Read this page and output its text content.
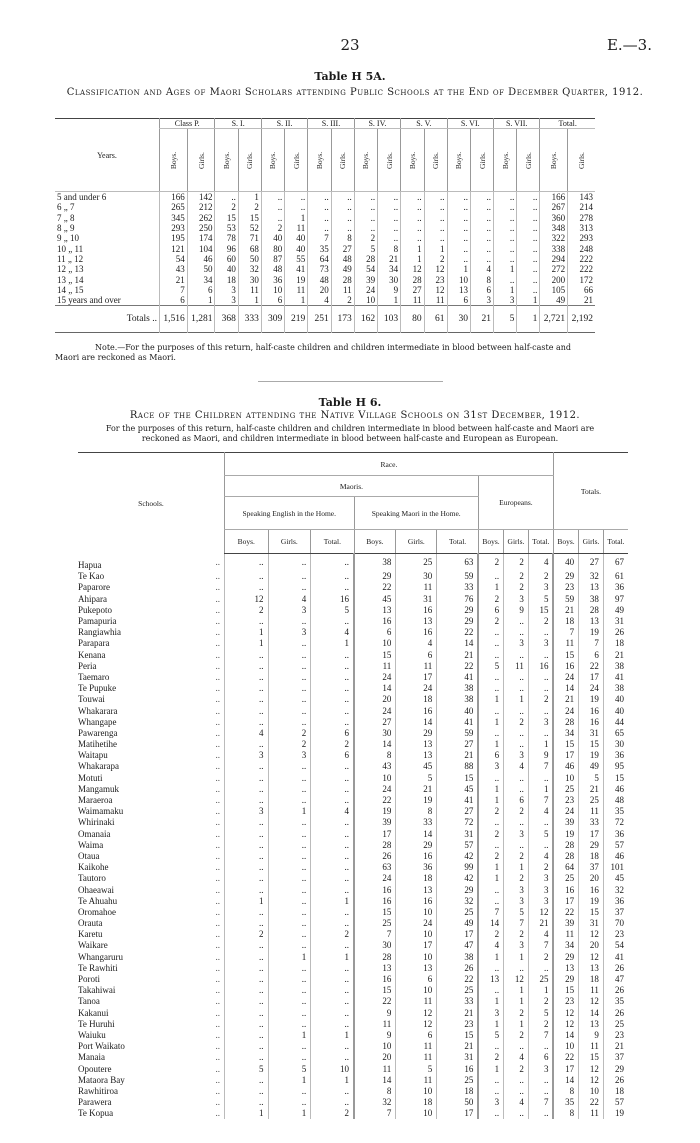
23	E.—3.
Table H 5A.
Classification and Ages of Maori Scholars attending Public Schools at the End of December Quarter, 1912.
Years.	Class P.		S. I.		S. II.		S. III.		S. IV.		S. V.		S. VI.		S. VII.		Total.	
	Boys.	Girls.	Boys.	Girls.	Boys.	Girls.	Boys.	Girls.	Boys.	Girls.	Boys.	Girls.	Boys.	Girls.	Boys.	Girls.	Boys.	Girls.
5 and under 6	166	142	..	1	..	..	..	..	..	..	..	..	..	..	..	..	166	143
6 „ 7	265	212	2	2	..	..	..	..	..	..	..	..	..	..	..	..	267	214
7 „ 8	345	262	15	15	..	1	..	..	..	..	..	..	..	..	..	..	360	278
8 „ 9	293	250	53	52	2	11	..	..	..	..	..	..	..	..	..	..	348	313
9 „ 10	195	174	78	71	40	40	7	8	2	..	..	..	..	..	..	..	322	293
10 „ 11	121	104	96	68	80	40	35	27	5	8	1	1	..	..	..	..	338	248
11 „ 12	54	46	60	50	87	55	64	48	28	21	1	2	..	..	..	..	294	222
12 „ 13	43	50	40	32	48	41	73	49	54	34	12	12	1	4	1	..	272	222
13 „ 14	21	34	18	30	36	19	48	28	39	30	28	23	10	8	..	..	200	172
14 „ 15	7	6	3	11	10	11	20	11	24	9	27	12	13	6	1	..	105	66
15 years and over	6	1	3	1	6	1	4	2	10	1	11	11	6	3	3	1	49	21
Totals ..	1,516	1,281	368	333	309	219	251	173	162	103	80	61	30	21	5	1	2,721	2,192
Note.—For the purposes of this return, half-caste children and children intermediate in blood between half-caste and Maori are reckoned as Maori.
Table H 6.
Race of the Children attending the Native Village Schools on 31st December, 1912.
For the purposes of this return, half-caste children and children intermediate in blood between half-caste and Maori are reckoned as Maori, and children intermediate in blood between half-caste and European as European.
Schools.		Race.									Totals.		
		Maoris.						Europeans.					
		Speaking English in the Home.			Speaking Maori in the Home.								
		Boys.	Girls.	Total.	Boys.	Girls.	Total.	Boys.	Girls.	Total.	Boys.	Girls.	Total.
Hapua	..	..	..	..	38	25	63	2	2	4	40	27	67
Te Kao	..	..	..	..	29	30	59	..	2	2	29	32	61
Paparore	..	..	..	..	22	11	33	1	2	3	23	13	36
Ahipara	..	12	4	16	45	31	76	2	3	5	59	38	97
Pukepoto	..	2	3	5	13	16	29	6	9	15	21	28	49
Pamapuria	..	..	..	..	16	13	29	2	..	2	18	13	31
Rangiawhia	..	1	3	4	6	16	22	..	..	..	7	19	26
Parapara	..	1	..	1	10	4	14	..	3	3	11	7	18
Kenana	..	..	..	..	15	6	21	..	..	..	15	6	21
Peria	..	..	..	..	11	11	22	5	11	16	16	22	38
Taemaro	..	..	..	..	24	17	41	..	..	..	24	17	41
Te Pupuke	..	..	..	..	14	24	38	..	..	..	14	24	38
Touwai	..	..	..	..	20	18	38	1	1	2	21	19	40
Whakarara	..	..	..	..	24	16	40	..	..	..	24	16	40
Whangape	..	..	..	..	27	14	41	1	2	3	28	16	44
Pawarenga	..	4	2	6	30	29	59	..	..	..	34	31	65
Matihetihe	..	..	2	2	14	13	27	1	..	1	15	15	30
Waitapu	..	3	3	6	8	13	21	6	3	9	17	19	36
Whakarapa	..	..	..	..	43	45	88	3	4	7	46	49	95
Motuti	..	..	..	..	10	5	15	..	..	..	10	5	15
Mangamuk	..	..	..	..	24	21	45	1	..	1	25	21	46
Maraeroa	..	..	..	..	22	19	41	1	6	7	23	25	48
Waimamaku	..	3	1	4	19	8	27	2	2	4	24	11	35
Whirinaki	..	..	..	..	39	33	72	..	..	..	39	33	72
Omanaia	..	..	..	..	17	14	31	2	3	5	19	17	36
Waima	..	..	..	..	28	29	57	..	..	..	28	29	57
Otaua	..	..	..	..	26	16	42	2	2	4	28	18	46
Kaikohe	..	..	..	..	63	36	99	1	1	2	64	37	101
Tautoro	..	..	..	..	24	18	42	1	2	3	25	20	45
Ohaeawai	..	..	..	..	16	13	29	..	3	3	16	16	32
Te Ahuahu	..	1	..	1	16	16	32	..	3	3	17	19	36
Oromahoe	..	..	..	..	15	10	25	7	5	12	22	15	37
Orauta	..	..	..	..	25	24	49	14	7	21	39	31	70
Karetu	..	2	..	2	7	10	17	2	2	4	11	12	23
Waikare	..	..	..	..	30	17	47	4	3	7	34	20	54
Whangaruru	..	..	1	1	28	10	38	1	1	2	29	12	41
Te Rawhiti	..	..	..	..	13	13	26	..	..	..	13	13	26
Poroti	..	..	..	..	16	6	22	13	12	25	29	18	47
Takahiwai	..	..	..	..	15	10	25	..	1	1	15	11	26
Tanoa	..	..	..	..	22	11	33	1	1	2	23	12	35
Kakanui	..	..	..	..	9	12	21	3	2	5	12	14	26
Te Huruhi	..	..	..	..	11	12	23	1	1	2	12	13	25
Waiuku	..	..	1	1	9	6	15	5	2	7	14	9	23
Port Waikato	..	..	..	..	10	11	21	..	..	..	10	11	21
Manaia	..	..	..	..	20	11	31	2	4	6	22	15	37
Opoutere	..	5	5	10	11	5	16	1	2	3	17	12	29
Mataora Bay	..	..	1	1	14	11	25	..	..	..	14	12	26
Rawhitiroa	..	..	..	..	8	10	18	..	..	..	8	10	18
Parawera	..	..	..	..	32	18	50	3	4	7	35	22	57
Te Kopua	..	1	1	2	7	10	17	..	..	..	8	11	19
